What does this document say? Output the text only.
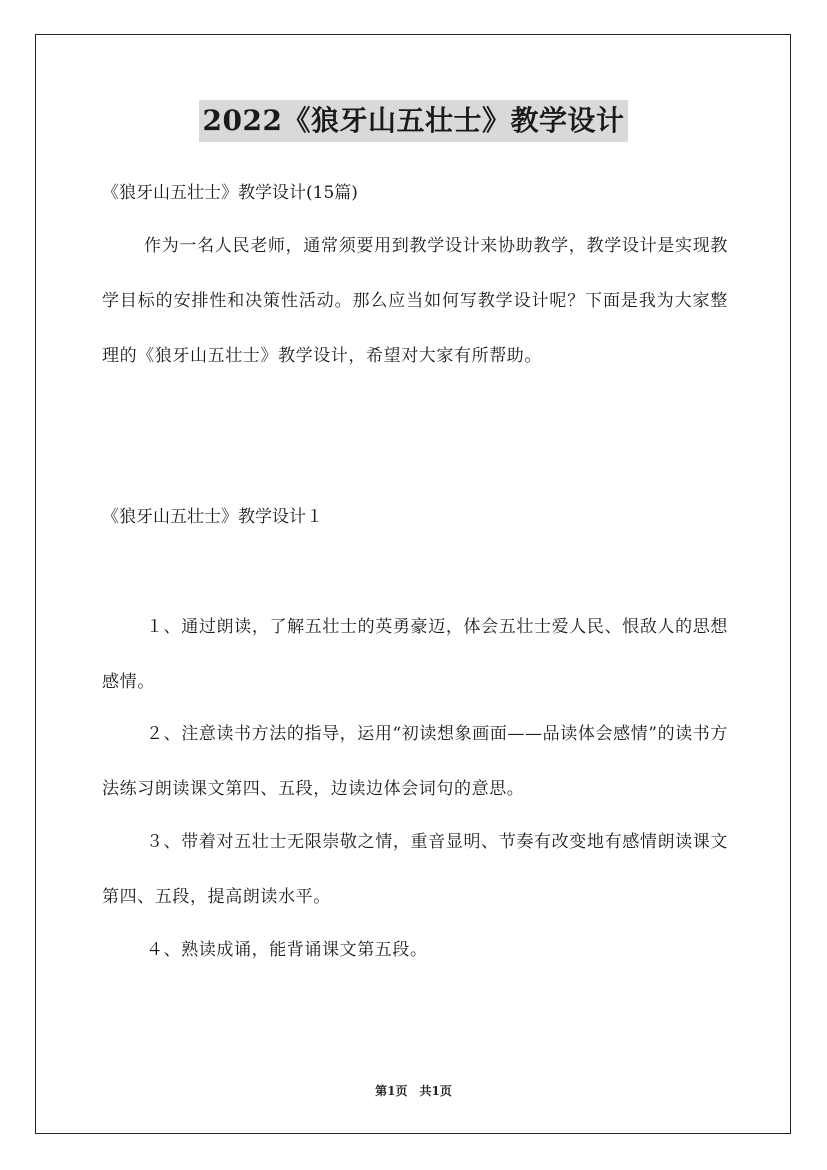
2022《狼牙山五壮士》教学设计

《狼牙山五壮士》教学设计(15篇)

作为一名人民老师，通常须要用到教学设计来协助教学，教学设计是实现教学目标的安排性和决策性活动。那么应当如何写教学设计呢？下面是我为大家整理的《狼牙山五壮士》教学设计，希望对大家有所帮助。

《狼牙山五壮士》教学设计１

１、通过朗读，了解五壮士的英勇豪迈，体会五壮士爱人民、恨敌人的思想感情。

２、注意读书方法的指导，运用“初读想象画面——品读体会感情”的读书方法练习朗读课文第四、五段，边读边体会词句的意思。

３、带着对五壮士无限崇敬之情，重音显明、节奏有改变地有感情朗读课文第四、五段，提高朗读水平。

４、熟读成诵，能背诵课文第五段。

第1页　共1页
